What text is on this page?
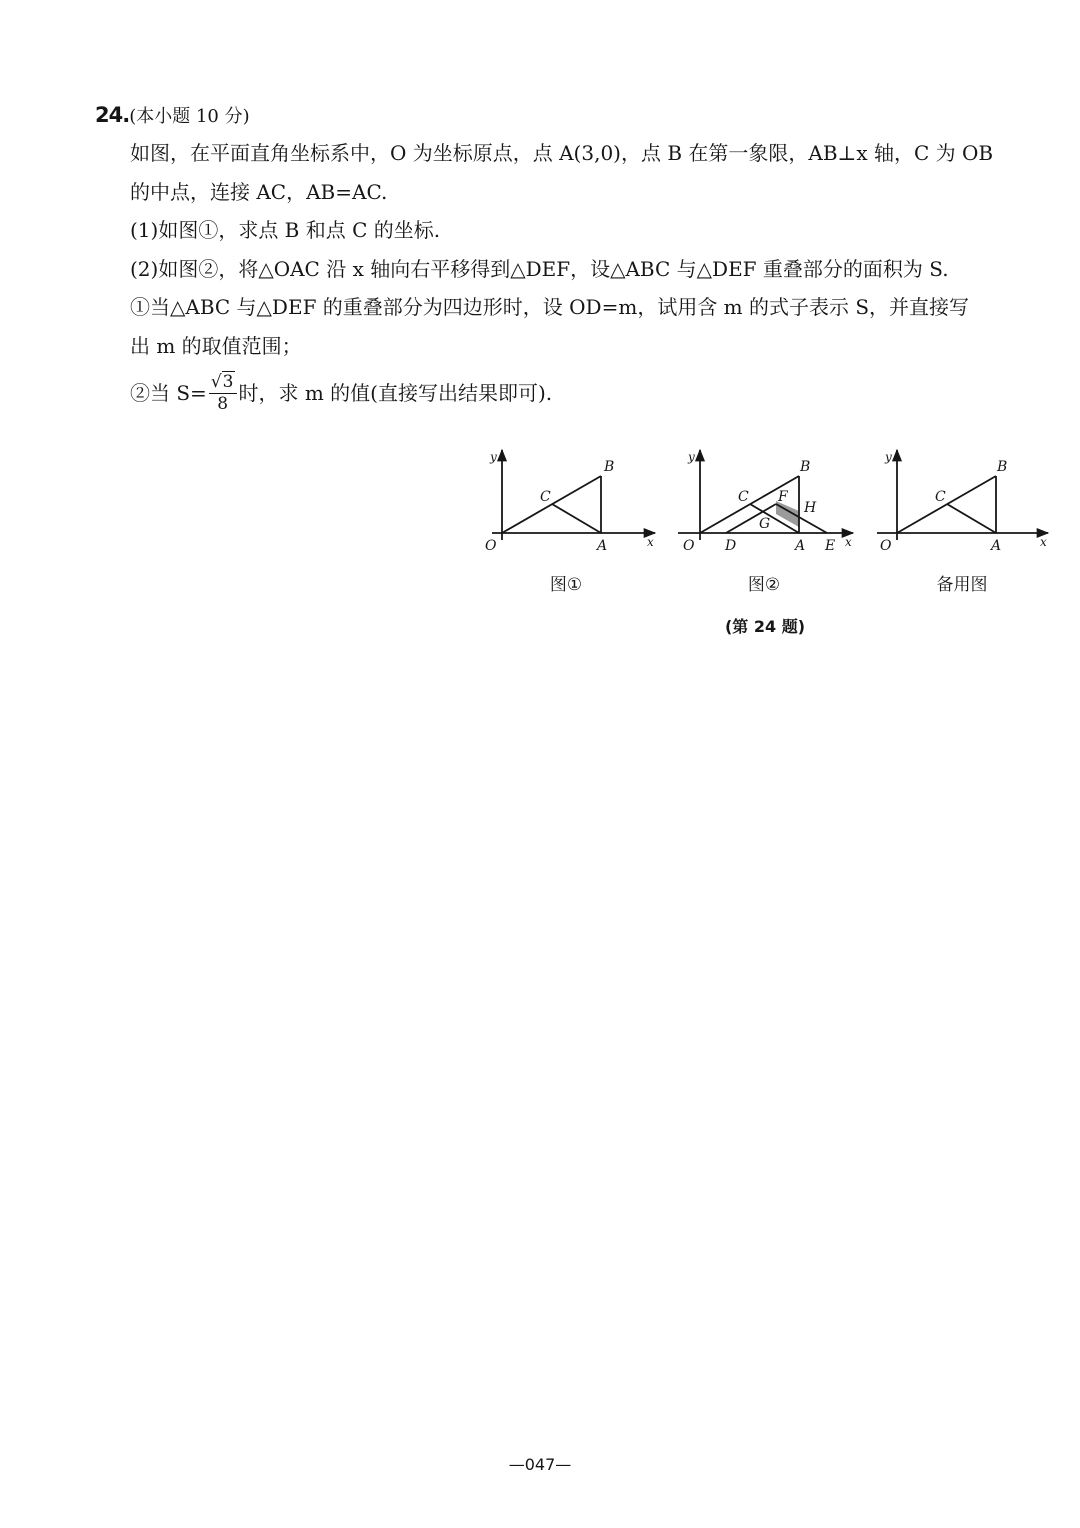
24.(本小题 10 分)
如图，在平面直角坐标系中，O 为坐标原点，点 A(3,0)，点 B 在第一象限，AB⊥x 轴，C 为 OB
的中点，连接 AC，AB=AC.
(1)如图①，求点 B 和点 C 的坐标.
(2)如图②，将△OAC 沿 x 轴向右平移得到△DEF，设△ABC 与△DEF 重叠部分的面积为 S.
①当△ABC 与△DEF 的重叠部分为四边形时，设 OD=m，试用含 m 的式子表示 S，并直接写
出 m 的取值范围；
②当 $S= \frac{√3}{8}$ 时，求 m 的值(直接写出结果即可).
y
x
O	A
B
C
y
x
O D	A E
B
C F
G
H
y
x
O	A
B
C
图①	图②	备用图
(第 24 题)
—047—
